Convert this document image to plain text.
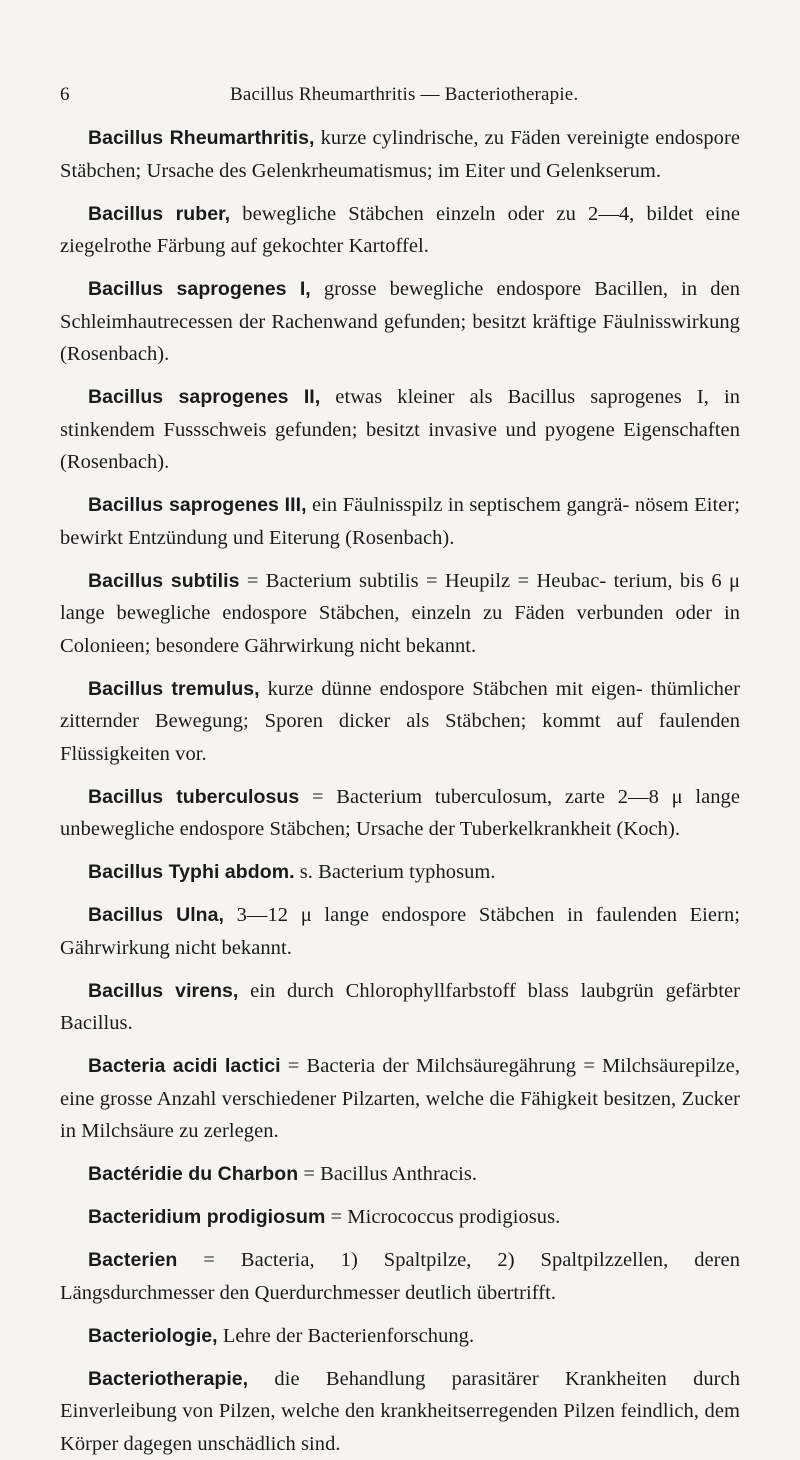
6	Bacillus Rheumarthritis — Bacteriotherapie.

Bacillus Rheumarthritis, kurze cylindrische, zu Fäden vereinigte endospore Stäbchen; Ursache des Gelenkrheumatismus; im Eiter und Gelenkserum.

Bacillus ruber, bewegliche Stäbchen einzeln oder zu 2—4, bildet eine ziegelrothe Färbung auf gekochter Kartoffel.

Bacillus saprogenes I, grosse bewegliche endospore Bacillen, in den Schleimhautrecessen der Rachenwand gefunden; besitzt kräftige Fäulnisswirkung (Rosenbach).

Bacillus saprogenes II, etwas kleiner als Bacillus saprogenes I, in stinkendem Fussschweis gefunden; besitzt invasive und pyogene Eigenschaften (Rosenbach).

Bacillus saprogenes III, ein Fäulnisspilz in septischem gangrä- nösem Eiter; bewirkt Entzündung und Eiterung (Rosenbach).

Bacillus subtilis = Bacterium subtilis = Heupilz = Heubac- terium, bis 6 μ lange bewegliche endospore Stäbchen, einzeln zu Fäden verbunden oder in Colonieen; besondere Gährwirkung nicht bekannt.

Bacillus tremulus, kurze dünne endospore Stäbchen mit eigen- thümlicher zitternder Bewegung; Sporen dicker als Stäbchen; kommt auf faulenden Flüssigkeiten vor.

Bacillus tuberculosus = Bacterium tuberculosum, zarte 2—8 μ lange unbewegliche endospore Stäbchen; Ursache der Tuberkelkrankheit (Koch).

Bacillus Typhi abdom. s. Bacterium typhosum.

Bacillus Ulna, 3—12 μ lange endospore Stäbchen in faulenden Eiern; Gährwirkung nicht bekannt.

Bacillus virens, ein durch Chlorophyllfarbstoff blass laubgrün gefärbter Bacillus.

Bacteria acidi lactici = Bacteria der Milchsäuregährung = Milchsäurepilze, eine grosse Anzahl verschiedener Pilzarten, welche die Fähigkeit besitzen, Zucker in Milchsäure zu zerlegen.

Bactéridie du Charbon = Bacillus Anthracis.

Bacteridium prodigiosum = Micrococcus prodigiosus.

Bacterien = Bacteria, 1) Spaltpilze, 2) Spaltpilzzellen, deren Längsdurchmesser den Querdurchmesser deutlich übertrifft.

Bacteriologie, Lehre der Bacterienforschung.

Bacteriotherapie, die Behandlung parasitärer Krankheiten durch Einverleibung von Pilzen, welche den krankheitserregenden Pilzen feindlich, dem Körper dagegen unschädlich sind.
